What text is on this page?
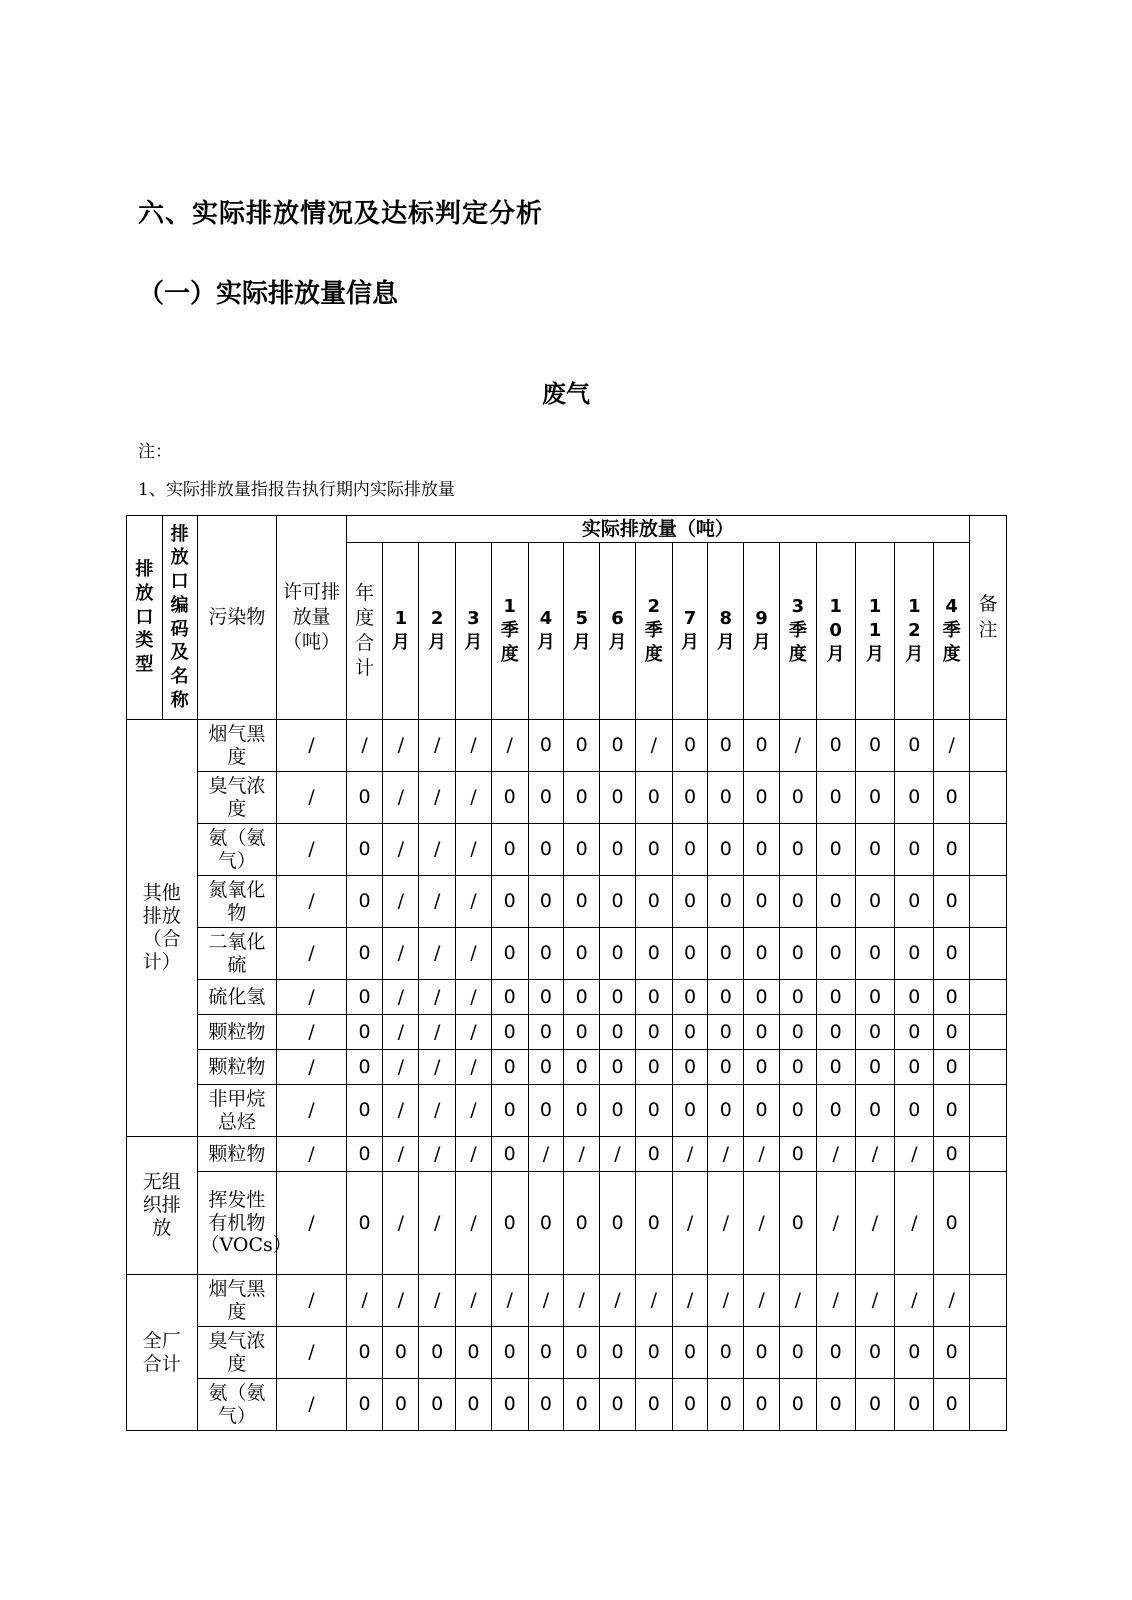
六、实际排放情况及达标判定分析
（一）实际排放量信息
废气

注：

1、实际排放量指报告执行期内实际排放量

排放口类型	排放口编码及名称	污染物	许可排放量（吨）	实际排放量（吨）																	备注
				年度合计	1月	2月	3月	1季度	4月	5月	6月	2季度	7月	8月	9月	3季度	10月	11月	12月	4季度	
其他排放（合计）		烟气黑度	/	/	/	/	/	/	0	0	0	/	0	0	0	/	0	0	0	/	
		臭气浓度	/	0	/	/	/	0	0	0	0	0	0	0	0	0	0	0	0	0	
		氨（氨气）	/	0	/	/	/	0	0	0	0	0	0	0	0	0	0	0	0	0	
		氮氧化物	/	0	/	/	/	0	0	0	0	0	0	0	0	0	0	0	0	0	
		二氧化硫	/	0	/	/	/	0	0	0	0	0	0	0	0	0	0	0	0	0	
		硫化氢	/	0	/	/	/	0	0	0	0	0	0	0	0	0	0	0	0	0	
		颗粒物	/	0	/	/	/	0	0	0	0	0	0	0	0	0	0	0	0	0	
		颗粒物	/	0	/	/	/	0	0	0	0	0	0	0	0	0	0	0	0	0	
		非甲烷总烃	/	0	/	/	/	0	0	0	0	0	0	0	0	0	0	0	0	0	
无组织排放		颗粒物	/	0	/	/	/	0	/	/	/	0	/	/	/	0	/	/	/	0	
		挥发性有机物（VOCs）	/	0	/	/	/	0	0	0	0	0	/	/	/	0	/	/	/	0	
全厂合计		烟气黑度	/	/	/	/	/	/	/	/	/	/	/	/	/	/	/	/	/	/	
		臭气浓度	/	0	0	0	0	0	0	0	0	0	0	0	0	0	0	0	0	0	
		氨（氨气）	/	0	0	0	0	0	0	0	0	0	0	0	0	0	0	0	0	0	
